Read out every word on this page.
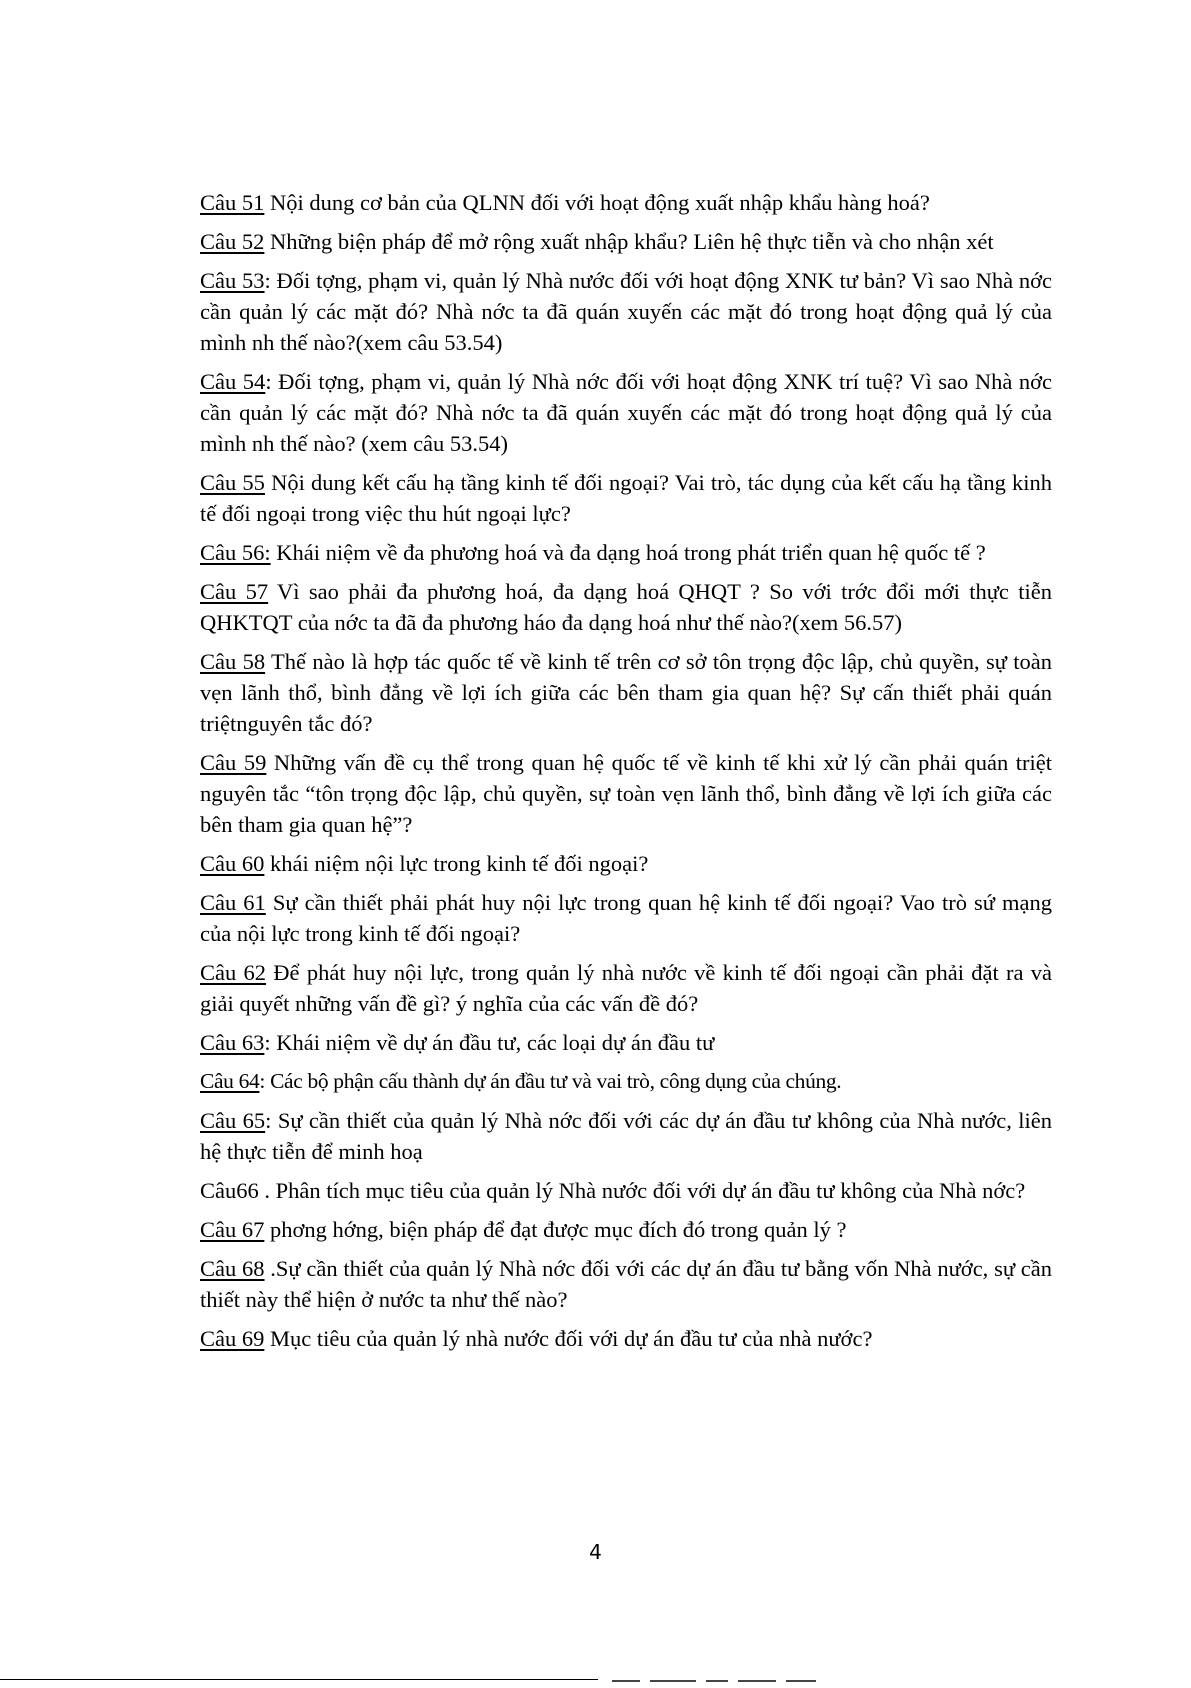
Câu 51 Nội dung cơ bản của QLNN đối với hoạt động xuất nhập khẩu hàng hoá?

Câu 52 Những biện pháp để mở rộng xuất nhập khẩu? Liên hệ thực tiễn và cho nhận xét

Câu 53: Đối tợng, phạm vi, quản lý Nhà nước đối với hoạt động XNK tư bản? Vì sao Nhà nớc cần quản lý các mặt đó? Nhà nớc ta đã quán xuyến các mặt đó trong hoạt động quả lý của mình nh thế nào?(xem câu 53.54)

Câu 54: Đối tợng, phạm vi, quản lý Nhà nớc đối với hoạt động XNK trí tuệ? Vì sao Nhà nớc cần quản lý các mặt đó? Nhà nớc ta đã quán xuyến các mặt đó trong hoạt động quả lý của mình nh thế nào? (xem câu 53.54)

Câu 55 Nội dung kết cấu hạ tầng kinh tế đối ngoại? Vai trò, tác dụng của kết cấu hạ tầng kinh tế đối ngoại trong việc thu hút ngoại lực?

Câu 56: Khái niệm về đa phương hoá và đa dạng hoá trong phát triển quan hệ quốc tế ?

Câu 57 Vì sao phải đa phương hoá, đa dạng hoá QHQT ? So với trớc đổi mới thực tiễn QHKTQT của nớc ta đã đa phương háo đa dạng hoá như thế nào?(xem 56.57)

Câu 58 Thế nào là hợp tác quốc tế về kinh tế trên cơ sở tôn trọng độc lập, chủ quyền, sự toàn vẹn lãnh thổ, bình đẳng về lợi ích giữa các bên tham gia quan hệ? Sự cấn thiết phải quán triệtnguyên tắc đó?

Câu 59 Những vấn đề cụ thể trong quan hệ quốc tế về kinh tế khi xử lý cần phải quán triệt nguyên tắc “tôn trọng độc lập, chủ quyền, sự toàn vẹn lãnh thổ, bình đẳng về lợi ích giữa các bên tham gia quan hệ”?

Câu 60 khái niệm nội lực trong kinh tế đối ngoại?

Câu 61 Sự cần thiết phải phát huy nội lực trong quan hệ kinh tế đối ngoại? Vao trò sứ mạng của nội lực trong kinh tế đối ngoại?

Câu 62 Để phát huy nội lực, trong quản lý nhà nước về kinh tế đối ngoại cần phải đặt ra và giải quyết những vấn đề gì? ý nghĩa của các vấn đề đó?

Câu 63: Khái niệm về dự án đầu tư, các loại dự án đầu tư

Câu 64: Các bộ phận cấu thành dự án đầu tư và vai trò, công dụng của chúng.

Câu 65: Sự cần thiết của quản lý Nhà nớc đối với các dự án đầu tư không của Nhà nước, liên hệ thực tiễn để minh hoạ

Câu66 . Phân tích mục tiêu của quản lý Nhà nước đối với dự án đầu tư không của Nhà nớc?

Câu 67 phơng hớng, biện pháp để đạt được mục đích đó trong quản lý ?

Câu 68 .Sự cần thiết của quản lý Nhà nớc đối với các dự án đầu tư bằng vốn Nhà nước, sự cần thiết này thể hiện ở nước ta như thế nào?

Câu 69 Mục tiêu của quản lý nhà nước đối với dự án đầu tư của nhà nước?

4
